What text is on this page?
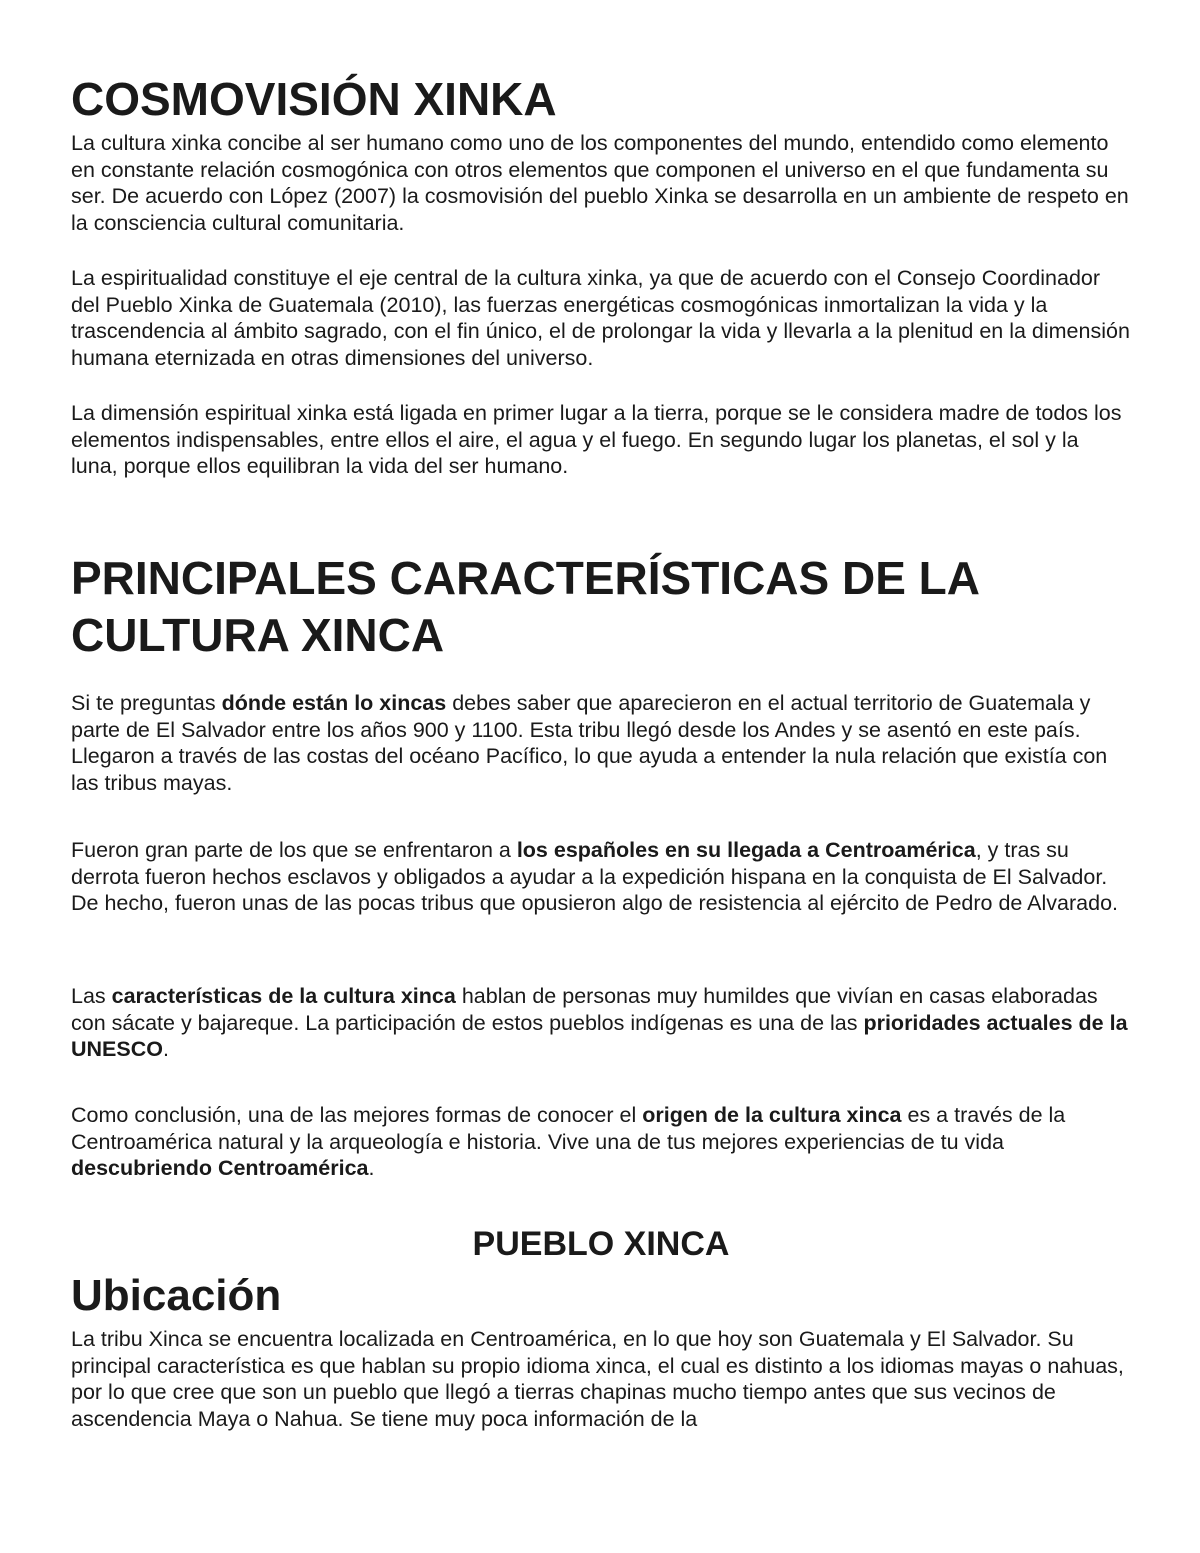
COSMOVISIÓN XINKA

La cultura xinka concibe al ser humano como uno de los componentes del mundo, entendido como elemento en constante relación cosmogónica con otros elementos que componen el universo en el que fundamenta su ser. De acuerdo con López (2007) la cosmovisión del pueblo Xinka se desarrolla en un ambiente de respeto en la consciencia cultural comunitaria.

La espiritualidad constituye el eje central de la cultura xinka, ya que de acuerdo con el Consejo Coordinador del Pueblo Xinka de Guatemala (2010), las fuerzas energéticas cosmogónicas inmortalizan la vida y la trascendencia al ámbito sagrado, con el fin único, el de prolongar la vida y llevarla a la plenitud en la dimensión humana eternizada en otras dimensiones del universo.

La dimensión espiritual xinka está ligada en primer lugar a la tierra, porque se le considera madre de todos los elementos indispensables, entre ellos el aire, el agua y el fuego. En segundo lugar los planetas, el sol y la luna, porque ellos equilibran la vida del ser humano.

PRINCIPALES CARACTERÍSTICAS DE LA CULTURA XINCA

Si te preguntas dónde están lo xincas debes saber que aparecieron en el actual territorio de Guatemala y parte de El Salvador entre los años 900 y 1100. Esta tribu llegó desde los Andes y se asentó en este país. Llegaron a través de las costas del océano Pacífico, lo que ayuda a entender la nula relación que existía con las tribus mayas.

Fueron gran parte de los que se enfrentaron a los españoles en su llegada a Centroamérica, y tras su derrota fueron hechos esclavos y obligados a ayudar a la expedición hispana en la conquista de El Salvador. De hecho, fueron unas de las pocas tribus que opusieron algo de resistencia al ejército de Pedro de Alvarado.

Las características de la cultura xinca hablan de personas muy humildes que vivían en casas elaboradas con sácate y bajareque. La participación de estos pueblos indígenas es una de las prioridades actuales de la UNESCO.

Como conclusión, una de las mejores formas de conocer el origen de la cultura xinca es a través de la Centroamérica natural y la arqueología e historia. Vive una de tus mejores experiencias de tu vida descubriendo Centroamérica.

PUEBLO XINCA
Ubicación

La tribu Xinca se encuentra localizada en Centroamérica, en lo que hoy son Guatemala y El Salvador. Su principal característica es que hablan su propio idioma xinca, el cual es distinto a los idiomas mayas o nahuas, por lo que cree que son un pueblo que llegó a tierras chapinas mucho tiempo antes que sus vecinos de ascendencia Maya o Nahua. Se tiene muy poca información de la
